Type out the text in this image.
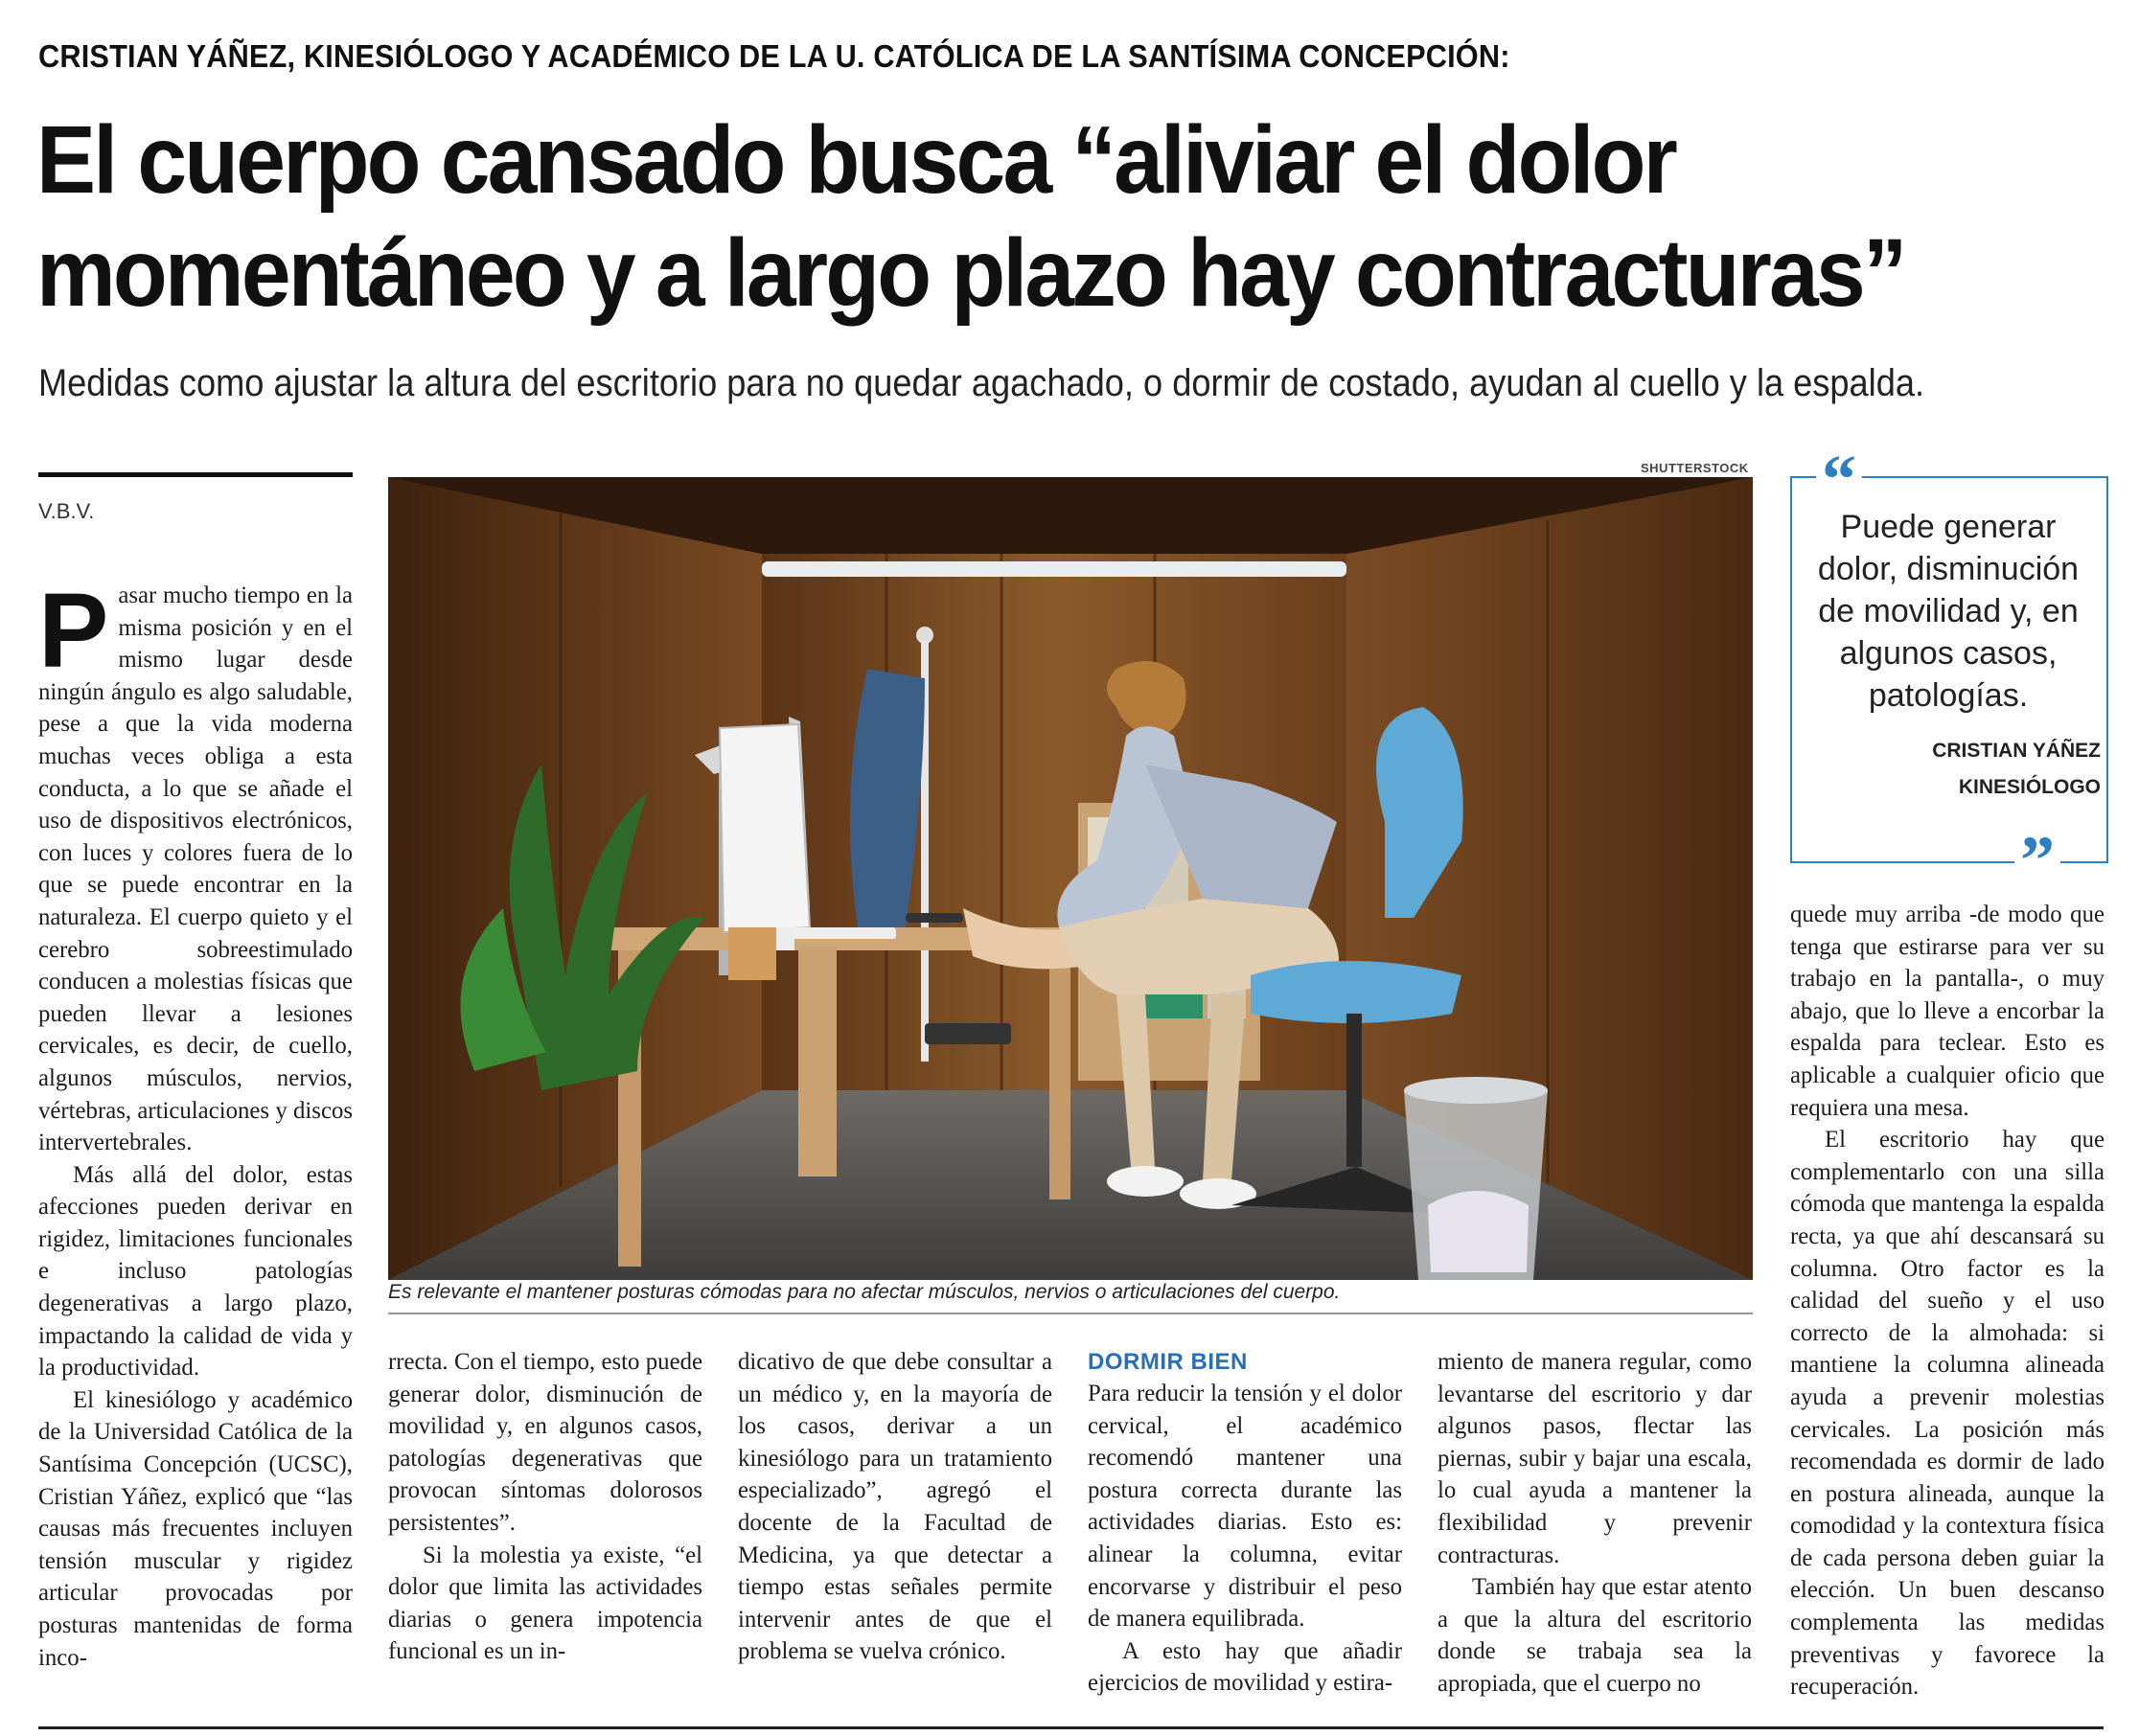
CRISTIAN YÁÑEZ, KINESIÓLOGO Y ACADÉMICO DE LA U. CATÓLICA DE LA SANTÍSIMA CONCEPCIÓN:
El cuerpo cansado busca “aliviar el dolor
momentáneo y a largo plazo hay contracturas”
Medidas como ajustar la altura del escritorio para no quedar agachado, o dormir de costado, ayudan al cuello y la espalda.
V.B.V.

Pasar mucho tiempo en la misma posición y en el mismo lugar desde ningún ángulo es algo saludable, pese a que la vida moderna muchas veces obliga a esta conducta, a lo que se añade el uso de dispositivos electrónicos, con luces y colores fuera de lo que se puede encontrar en la naturaleza. El cuerpo quieto y el cerebro sobreestimulado conducen a molestias físicas que pueden llevar a lesiones cervicales, es decir, de cuello, algunos músculos, nervios, vértebras, articulaciones y discos intervertebrales.

Más allá del dolor, estas afecciones pueden derivar en rigidez, limitaciones funcionales e incluso patologías degenerativas a largo plazo, impactando la calidad de vida y la productividad.

El kinesiólogo y académico de la Universidad Católica de la Santísima Concepción (UCSC), Cristian Yáñez, explicó que “las causas más frecuentes incluyen tensión muscular y rigidez articular provocadas por posturas mantenidas de forma inco-

SHUTTERSTOCK
Es relevante el mantener posturas cómodas para no afectar músculos, nervios o articulaciones del cuerpo.

rrecta. Con el tiempo, esto puede generar dolor, disminución de movilidad y, en algunos casos, patologías degenerativas que provocan síntomas dolorosos persistentes”.

Si la molestia ya existe, “el dolor que limita las actividades diarias o genera impotencia funcional es un in-

dicativo de que debe consultar a un médico y, en la mayoría de los casos, derivar a un kinesiólogo para un tratamiento especializado”, agregó el docente de la Facultad de Medicina, ya que detectar a tiempo estas señales permite intervenir antes de que el problema se vuelva crónico.

DORMIR BIEN

Para reducir la tensión y el dolor cervical, el académico recomendó mantener una postura correcta durante las actividades diarias. Esto es: alinear la columna, evitar encorvarse y distribuir el peso de manera equilibrada.

A esto hay que añadir ejercicios de movilidad y estira-

miento de manera regular, como levantarse del escritorio y dar algunos pasos, flectar las piernas, subir y bajar una escala, lo cual ayuda a mantener la flexibilidad y prevenir contracturas.

También hay que estar atento a que la altura del escritorio donde se trabaja sea la apropiada, que el cuerpo no

“
”
Puede generar dolor, disminución de movilidad y, en algunos casos, patologías.
CRISTIAN YÁÑEZ
KINESIÓLOGO

quede muy arriba -de modo que tenga que estirarse para ver su trabajo en la pantalla-, o muy abajo, que lo lleve a encorbar la espalda para teclear. Esto es aplicable a cualquier oficio que requiera una mesa.

El escritorio hay que complementarlo con una silla cómoda que mantenga la espalda recta, ya que ahí descansará su columna. Otro factor es la calidad del sueño y el uso correcto de la almohada: si mantiene la columna alineada ayuda a prevenir molestias cervicales. La posición más recomendada es dormir de lado en postura alineada, aunque la comodidad y la contextura física de cada persona deben guiar la elección. Un buen descanso complementa las medidas preventivas y favorece la recuperación.
